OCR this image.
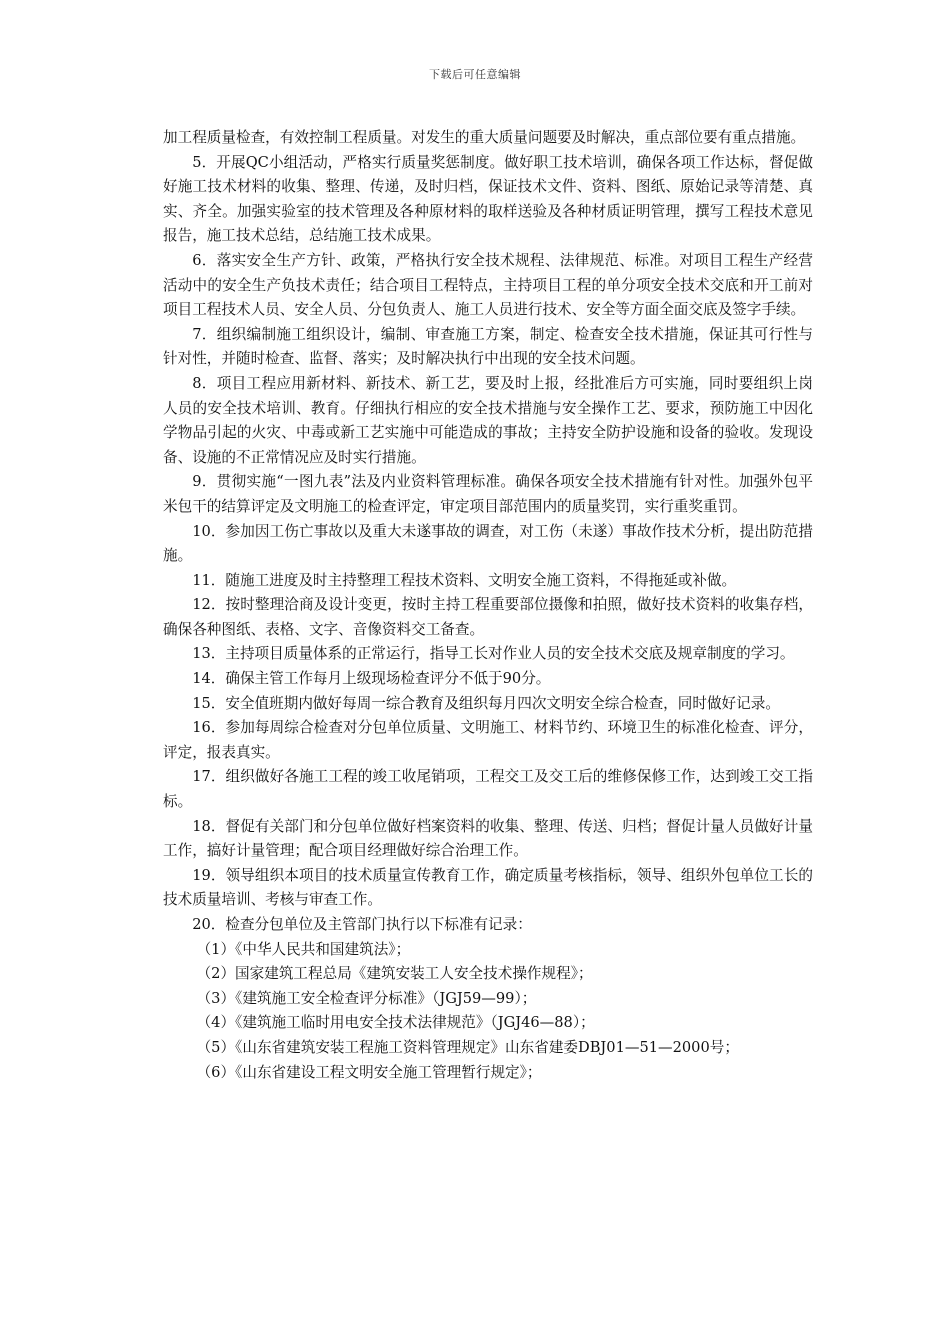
下载后可任意编辑

加工程质量检查，有效控制工程质量。对发生的重大质量问题要及时解决，重点部位要有重点措施。

5．开展QC小组活动，严格实行质量奖惩制度。做好职工技术培训，确保各项工作达标，督促做好施工技术材料的收集、整理、传递，及时归档，保证技术文件、资料、图纸、原始记录等清楚、真实、齐全。加强实验室的技术管理及各种原材料的取样送验及各种材质证明管理，撰写工程技术意见报告，施工技术总结，总结施工技术成果。

6．落实安全生产方针、政策，严格执行安全技术规程、法律规范、标准。对项目工程生产经营活动中的安全生产负技术责任；结合项目工程特点，主持项目工程的单分项安全技术交底和开工前对项目工程技术人员、安全人员、分包负责人、施工人员进行技术、安全等方面全面交底及签字手续。

7．组织编制施工组织设计，编制、审查施工方案，制定、检查安全技术措施，保证其可行性与针对性，并随时检查、监督、落实；及时解决执行中出现的安全技术问题。

8．项目工程应用新材料、新技术、新工艺，要及时上报，经批准后方可实施，同时要组织上岗人员的安全技术培训、教育。仔细执行相应的安全技术措施与安全操作工艺、要求，预防施工中因化学物品引起的火灾、中毒或新工艺实施中可能造成的事故；主持安全防护设施和设备的验收。发现设备、设施的不正常情况应及时实行措施。

9．贯彻实施“一图九表”法及内业资料管理标准。确保各项安全技术措施有针对性。加强外包平米包干的结算评定及文明施工的检查评定，审定项目部范围内的质量奖罚，实行重奖重罚。

10．参加因工伤亡事故以及重大未遂事故的调查，对工伤（未遂）事故作技术分析，提出防范措施。

11．随施工进度及时主持整理工程技术资料、文明安全施工资料，不得拖延或补做。

12．按时整理洽商及设计变更，按时主持工程重要部位摄像和拍照，做好技术资料的收集存档，确保各种图纸、表格、文字、音像资料交工备查。

13．主持项目质量体系的正常运行，指导工长对作业人员的安全技术交底及规章制度的学习。

14．确保主管工作每月上级现场检查评分不低于90分。

15．安全值班期内做好每周一综合教育及组织每月四次文明安全综合检查，同时做好记录。

16．参加每周综合检查对分包单位质量、文明施工、材料节约、环境卫生的标准化检查、评分，评定，报表真实。

17．组织做好各施工工程的竣工收尾销项，工程交工及交工后的维修保修工作，达到竣工交工指标。

18．督促有关部门和分包单位做好档案资料的收集、整理、传送、归档；督促计量人员做好计量工作，搞好计量管理；配合项目经理做好综合治理工作。

19．领导组织本项目的技术质量宣传教育工作，确定质量考核指标，领导、组织外包单位工长的技术质量培训、考核与审查工作。

20．检查分包单位及主管部门执行以下标准有记录：

（1）《中华人民共和国建筑法》；

（2）国家建筑工程总局《建筑安装工人安全技术操作规程》；

（3）《建筑施工安全检查评分标准》（JGJ59—99）；

（4）《建筑施工临时用电安全技术法律规范》（JGJ46—88）；

（5）《山东省建筑安装工程施工资料管理规定》山东省建委DBJ01—51—2000号；

（6）《山东省建设工程文明安全施工管理暂行规定》；
